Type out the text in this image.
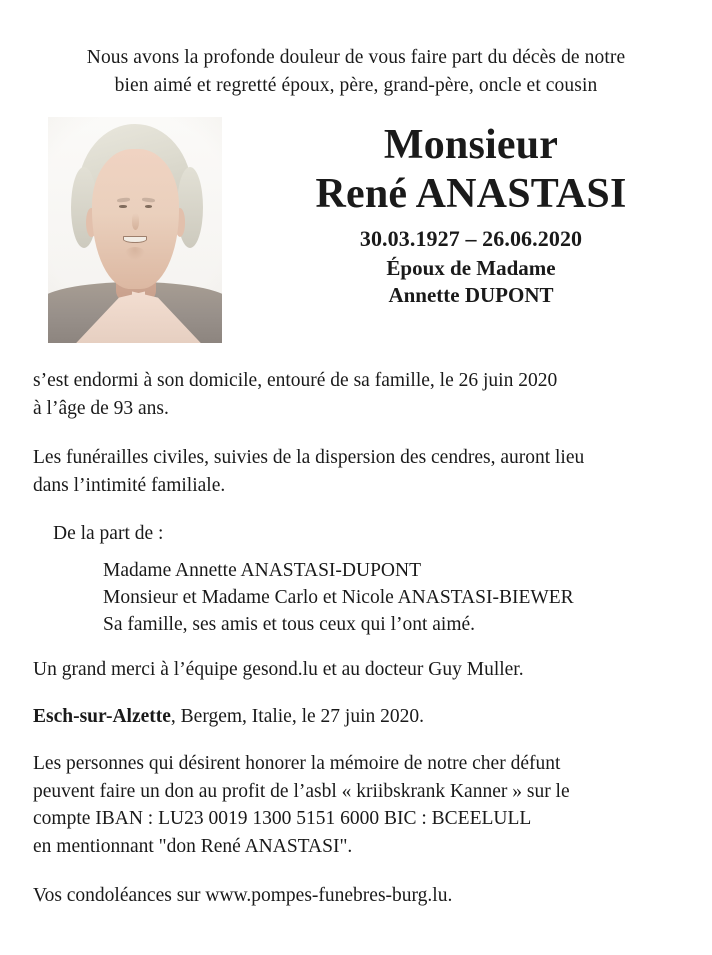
Nous avons la profonde douleur de vous faire part du décès de notre
bien aimé et regretté époux, père, grand-père, oncle et cousin
Monsieur
René ANASTASI
30.03.1927 – 26.06.2020
Époux de Madame
Annette DUPONT

s’est endormi à son domicile, entouré de sa famille, le 26 juin 2020
à l’âge de 93 ans.

Les funérailles civiles, suivies de la dispersion des cendres, auront lieu
dans l’intimité familiale.

De la part de :

Madame Annette ANASTASI-DUPONT
Monsieur et Madame Carlo et Nicole ANASTASI-BIEWER
Sa famille, ses amis et tous ceux qui l’ont aimé.

Un grand merci à l’équipe gesond.lu et au docteur Guy Muller.

Esch-sur-Alzette, Bergem, Italie, le 27 juin 2020.

Les personnes qui désirent honorer la mémoire de notre cher défunt
peuvent faire un don au profit de l’asbl « kriibskrank Kanner » sur le
compte IBAN : LU23 0019 1300 5151 6000 BIC : BCEELULL
en mentionnant "don René ANASTASI".

Vos condoléances sur www.pompes-funebres-burg.lu.
